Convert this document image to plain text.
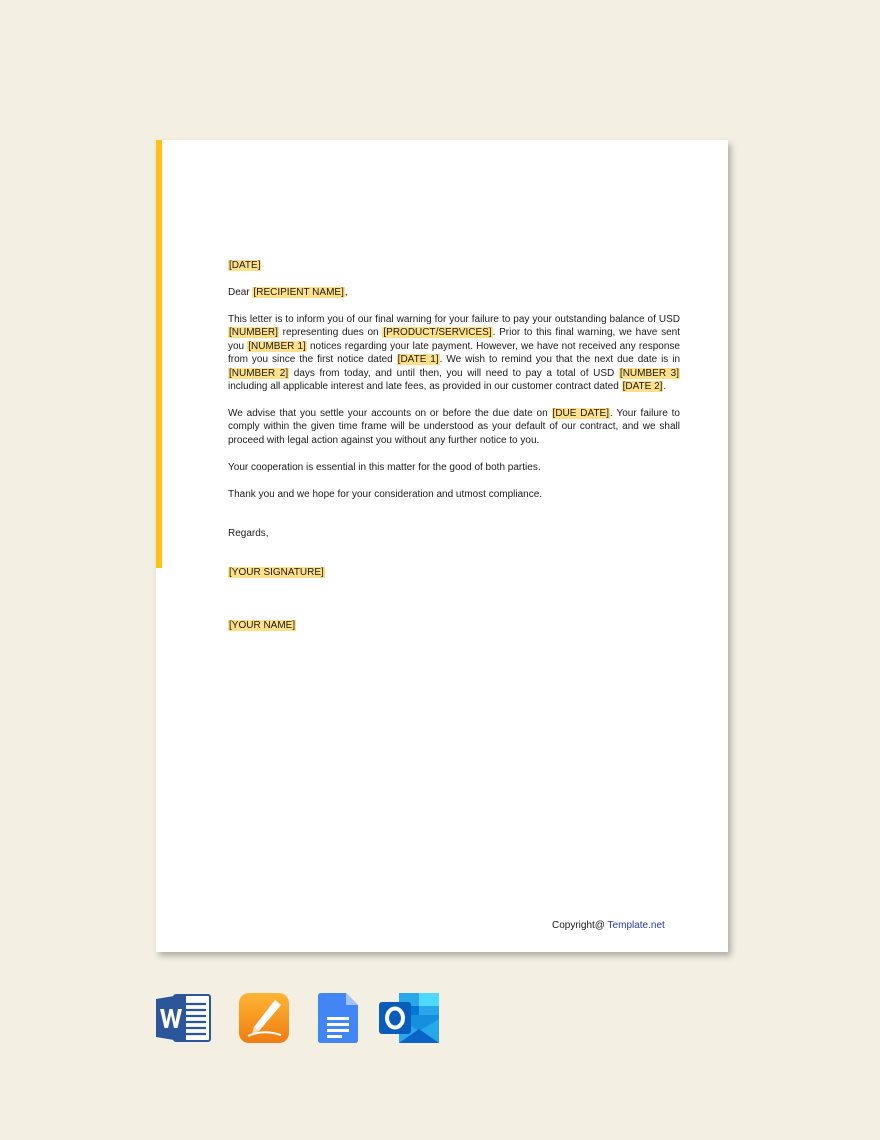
[DATE]

Dear [RECIPIENT NAME],

This letter is to inform you of our final warning for your failure to pay your outstanding balance of USD [NUMBER] representing dues on [PRODUCT/SERVICES]. Prior to this final warning, we have sent you [NUMBER 1] notices regarding your late payment. However, we have not received any response from you since the first notice dated [DATE 1]. We wish to remind you that the next due date is in [NUMBER 2] days from today, and until then, you will need to pay a total of USD [NUMBER 3] including all applicable interest and late fees, as provided in our customer contract dated [DATE 2].

We advise that you settle your accounts on or before the due date on [DUE DATE]. Your failure to comply within the given time frame will be understood as your default of our contract, and we shall proceed with legal action against you without any further notice to you.

Your cooperation is essential in this matter for the good of both parties.

Thank you and we hope for your consideration and utmost compliance.

Regards,

[YOUR SIGNATURE]

[YOUR NAME]

Copyright@ Template.net
